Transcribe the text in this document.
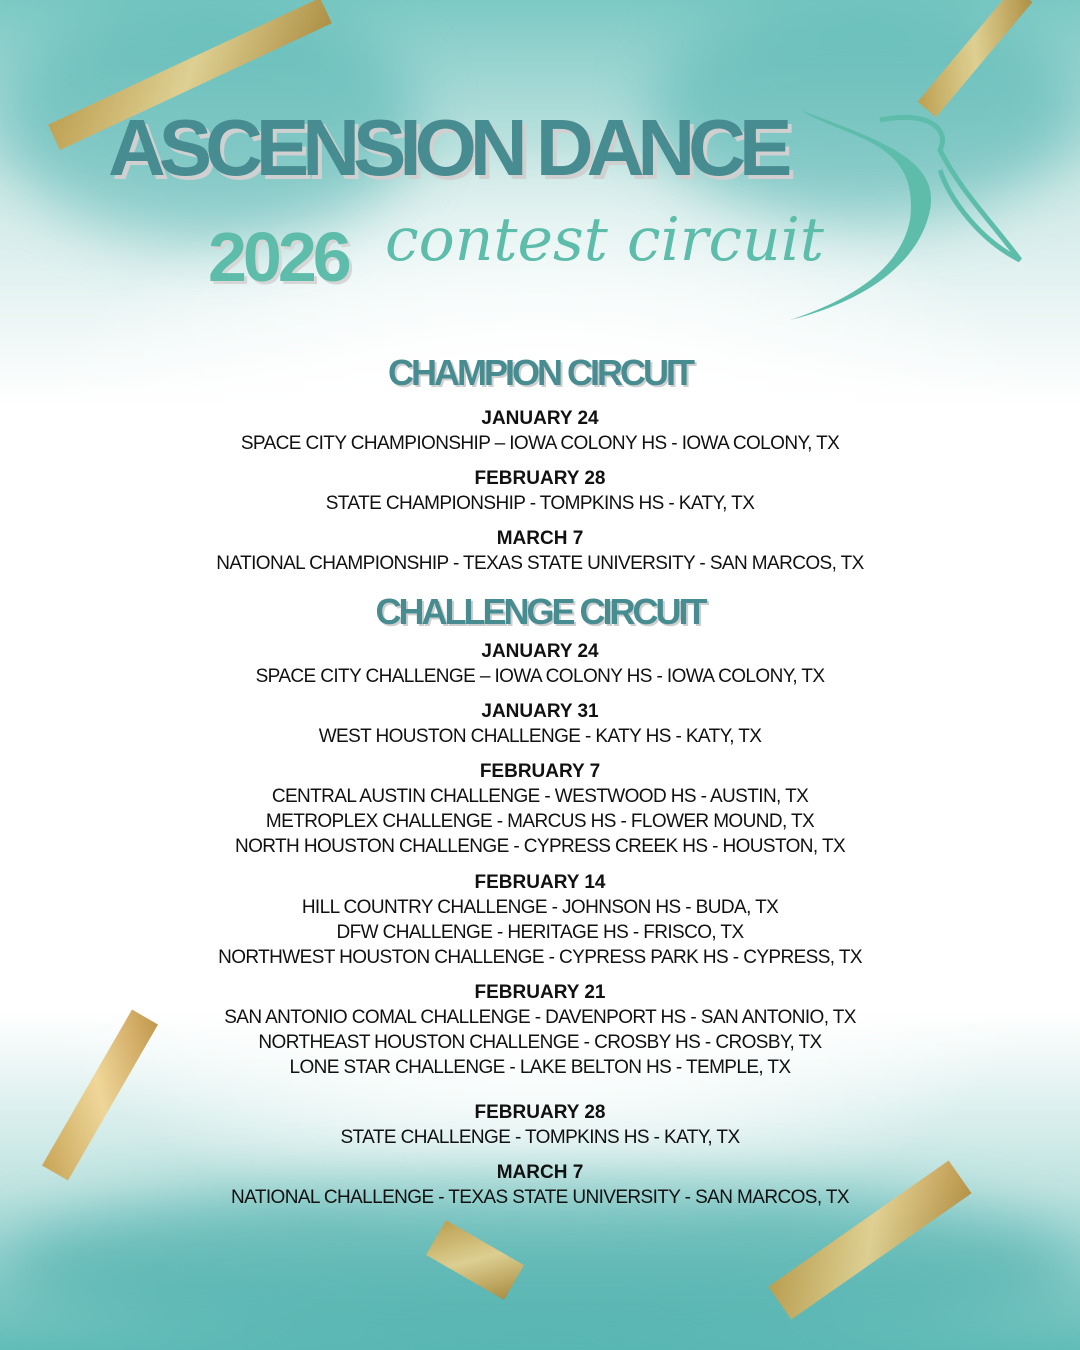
ASCENSION DANCE
2026 contest circuit
CHAMPION CIRCUIT
JANUARY 24
SPACE CITY CHAMPIONSHIP – IOWA COLONY HS - IOWA COLONY, TX
FEBRUARY 28
STATE CHAMPIONSHIP - TOMPKINS HS - KATY, TX
MARCH 7
NATIONAL CHAMPIONSHIP - TEXAS STATE UNIVERSITY - SAN MARCOS, TX
CHALLENGE CIRCUIT
JANUARY 24
SPACE CITY CHALLENGE – IOWA COLONY HS - IOWA COLONY, TX
JANUARY 31
WEST HOUSTON CHALLENGE - KATY HS - KATY, TX
FEBRUARY 7
CENTRAL AUSTIN CHALLENGE - WESTWOOD HS - AUSTIN, TX
METROPLEX CHALLENGE - MARCUS HS - FLOWER MOUND, TX
NORTH HOUSTON CHALLENGE - CYPRESS CREEK HS - HOUSTON, TX
FEBRUARY 14
HILL COUNTRY CHALLENGE - JOHNSON HS - BUDA, TX
DFW CHALLENGE - HERITAGE HS - FRISCO, TX
NORTHWEST HOUSTON CHALLENGE - CYPRESS PARK HS - CYPRESS, TX
FEBRUARY 21
SAN ANTONIO COMAL CHALLENGE - DAVENPORT HS - SAN ANTONIO, TX
NORTHEAST HOUSTON CHALLENGE - CROSBY HS - CROSBY, TX
LONE STAR CHALLENGE - LAKE BELTON HS - TEMPLE, TX
FEBRUARY 28
STATE CHALLENGE - TOMPKINS HS - KATY, TX
MARCH 7
NATIONAL CHALLENGE - TEXAS STATE UNIVERSITY - SAN MARCOS, TX
